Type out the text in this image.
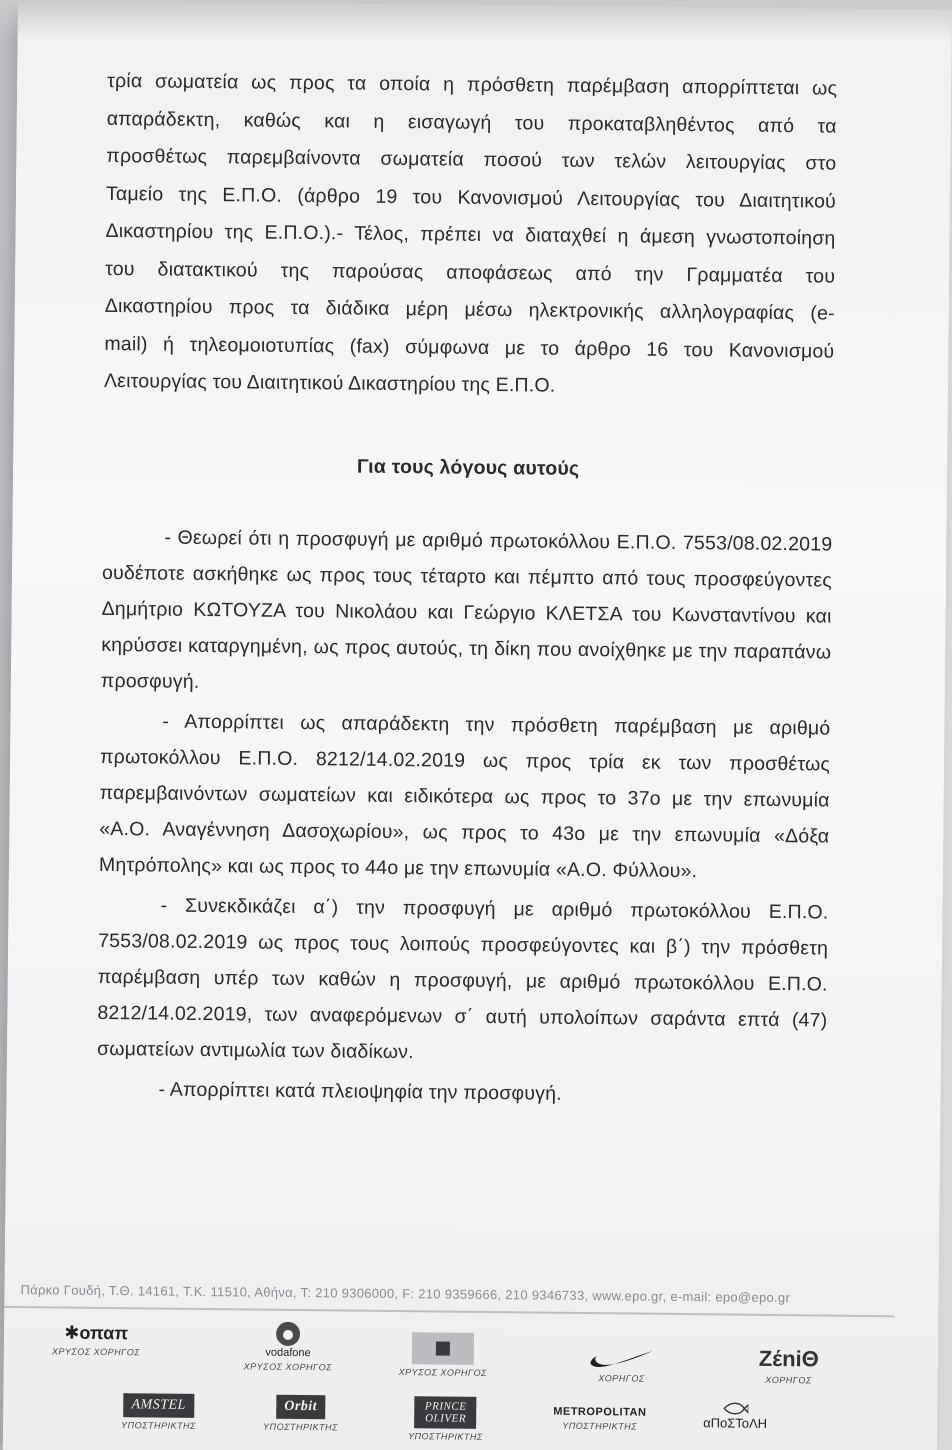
τρία σωματεία ως προς τα οποία η πρόσθετη παρέμβαση απορρίπτεται ως
απαράδεκτη, καθώς και η εισαγωγή του προκαταβληθέντος από τα
προσθέτως παρεμβαίνοντα σωματεία ποσού των τελών λειτουργίας στο
Ταμείο της Ε.Π.Ο. (άρθρο 19 του Κανονισμού Λειτουργίας του Διαιτητικού
Δικαστηρίου της Ε.Π.Ο.).- Τέλος, πρέπει να διαταχθεί η άμεση γνωστοποίηση
του διατακτικού της παρούσας αποφάσεως από την Γραμματέα του
Δικαστηρίου προς τα διάδικα μέρη μέσω ηλεκτρονικής αλληλογραφίας (e-
mail) ή τηλεομοιοτυπίας (fax) σύμφωνα με το άρθρο 16 του Κανονισμού
Λειτουργίας του Διαιτητικού Δικαστηρίου της Ε.Π.Ο.
Για τους λόγους αυτούς

- Θεωρεί ότι η προσφυγή με αριθμό πρωτοκόλλου Ε.Π.Ο. 7553/08.02.2019 ουδέποτε ασκήθηκε ως προς τους τέταρτο και πέμπτο από τους προσφεύγοντες Δημήτριο ΚΩΤΟΥΖΑ του Νικολάου και Γεώργιο ΚΛΕΤΣΑ του Κωνσταντίνου και κηρύσσει καταργημένη, ως προς αυτούς, τη δίκη που ανοίχθηκε με την παραπάνω προσφυγή.

- Απορρίπτει ως απαράδεκτη την πρόσθετη παρέμβαση με αριθμό πρωτοκόλλου Ε.Π.Ο. 8212/14.02.2019 ως προς τρία εκ των προσθέτως παρεμβαινόντων σωματείων και ειδικότερα ως προς το 37ο με την επωνυμία «Α.Ο. Αναγέννηση Δασοχωρίου», ως προς το 43ο με την επωνυμία «Δόξα Μητρόπολης» και ως προς το 44ο με την επωνυμία «Α.Ο. Φύλλου».

- Συνεκδικάζει α΄) την προσφυγή με αριθμό πρωτοκόλλου Ε.Π.Ο. 7553/08.02.2019 ως προς τους λοιπούς προσφεύγοντες και β΄) την πρόσθετη παρέμβαση υπέρ των καθών η προσφυγή, με αριθμό πρωτοκόλλου Ε.Π.Ο. 8212/14.02.2019, των αναφερόμενων σ΄ αυτή υπολοίπων σαράντα επτά (47) σωματείων αντιμωλία των διαδίκων.

- Απορρίπτει κατά πλειοψηφία την προσφυγή.

Πάρκο Γουδή, Τ.Θ. 14161, Τ.Κ. 11510, Αθήνα, Τ: 210 9306000, F: 210 9359666, 210 9346733, www.epo.gr, e-mail: epo@epo.gr
✱οπαπ
ΧΡΥΣΟΣ ΧΟΡΗΓΟΣ	vodafone
ΧΡΥΣΟΣ ΧΟΡΗΓΟΣ
ΧΡΥΣΟΣ ΧΟΡΗΓΟΣ
ΧΟΡΗΓΟΣ
ΖέniΘ
ΧΟΡΗΓΟΣ
AMSTEL
ΥΠΟΣΤΗΡΙΚΤΗΣ
Orbit
ΥΠΟΣΤΗΡΙΚΤΗΣ
PRINCE OLIVER
ΥΠΟΣΤΗΡΙΚΤΗΣ
METROPOLITAN
ΥΠΟΣΤΗΡΙΚΤΗΣ	αΠοΣΤοΛΗ
